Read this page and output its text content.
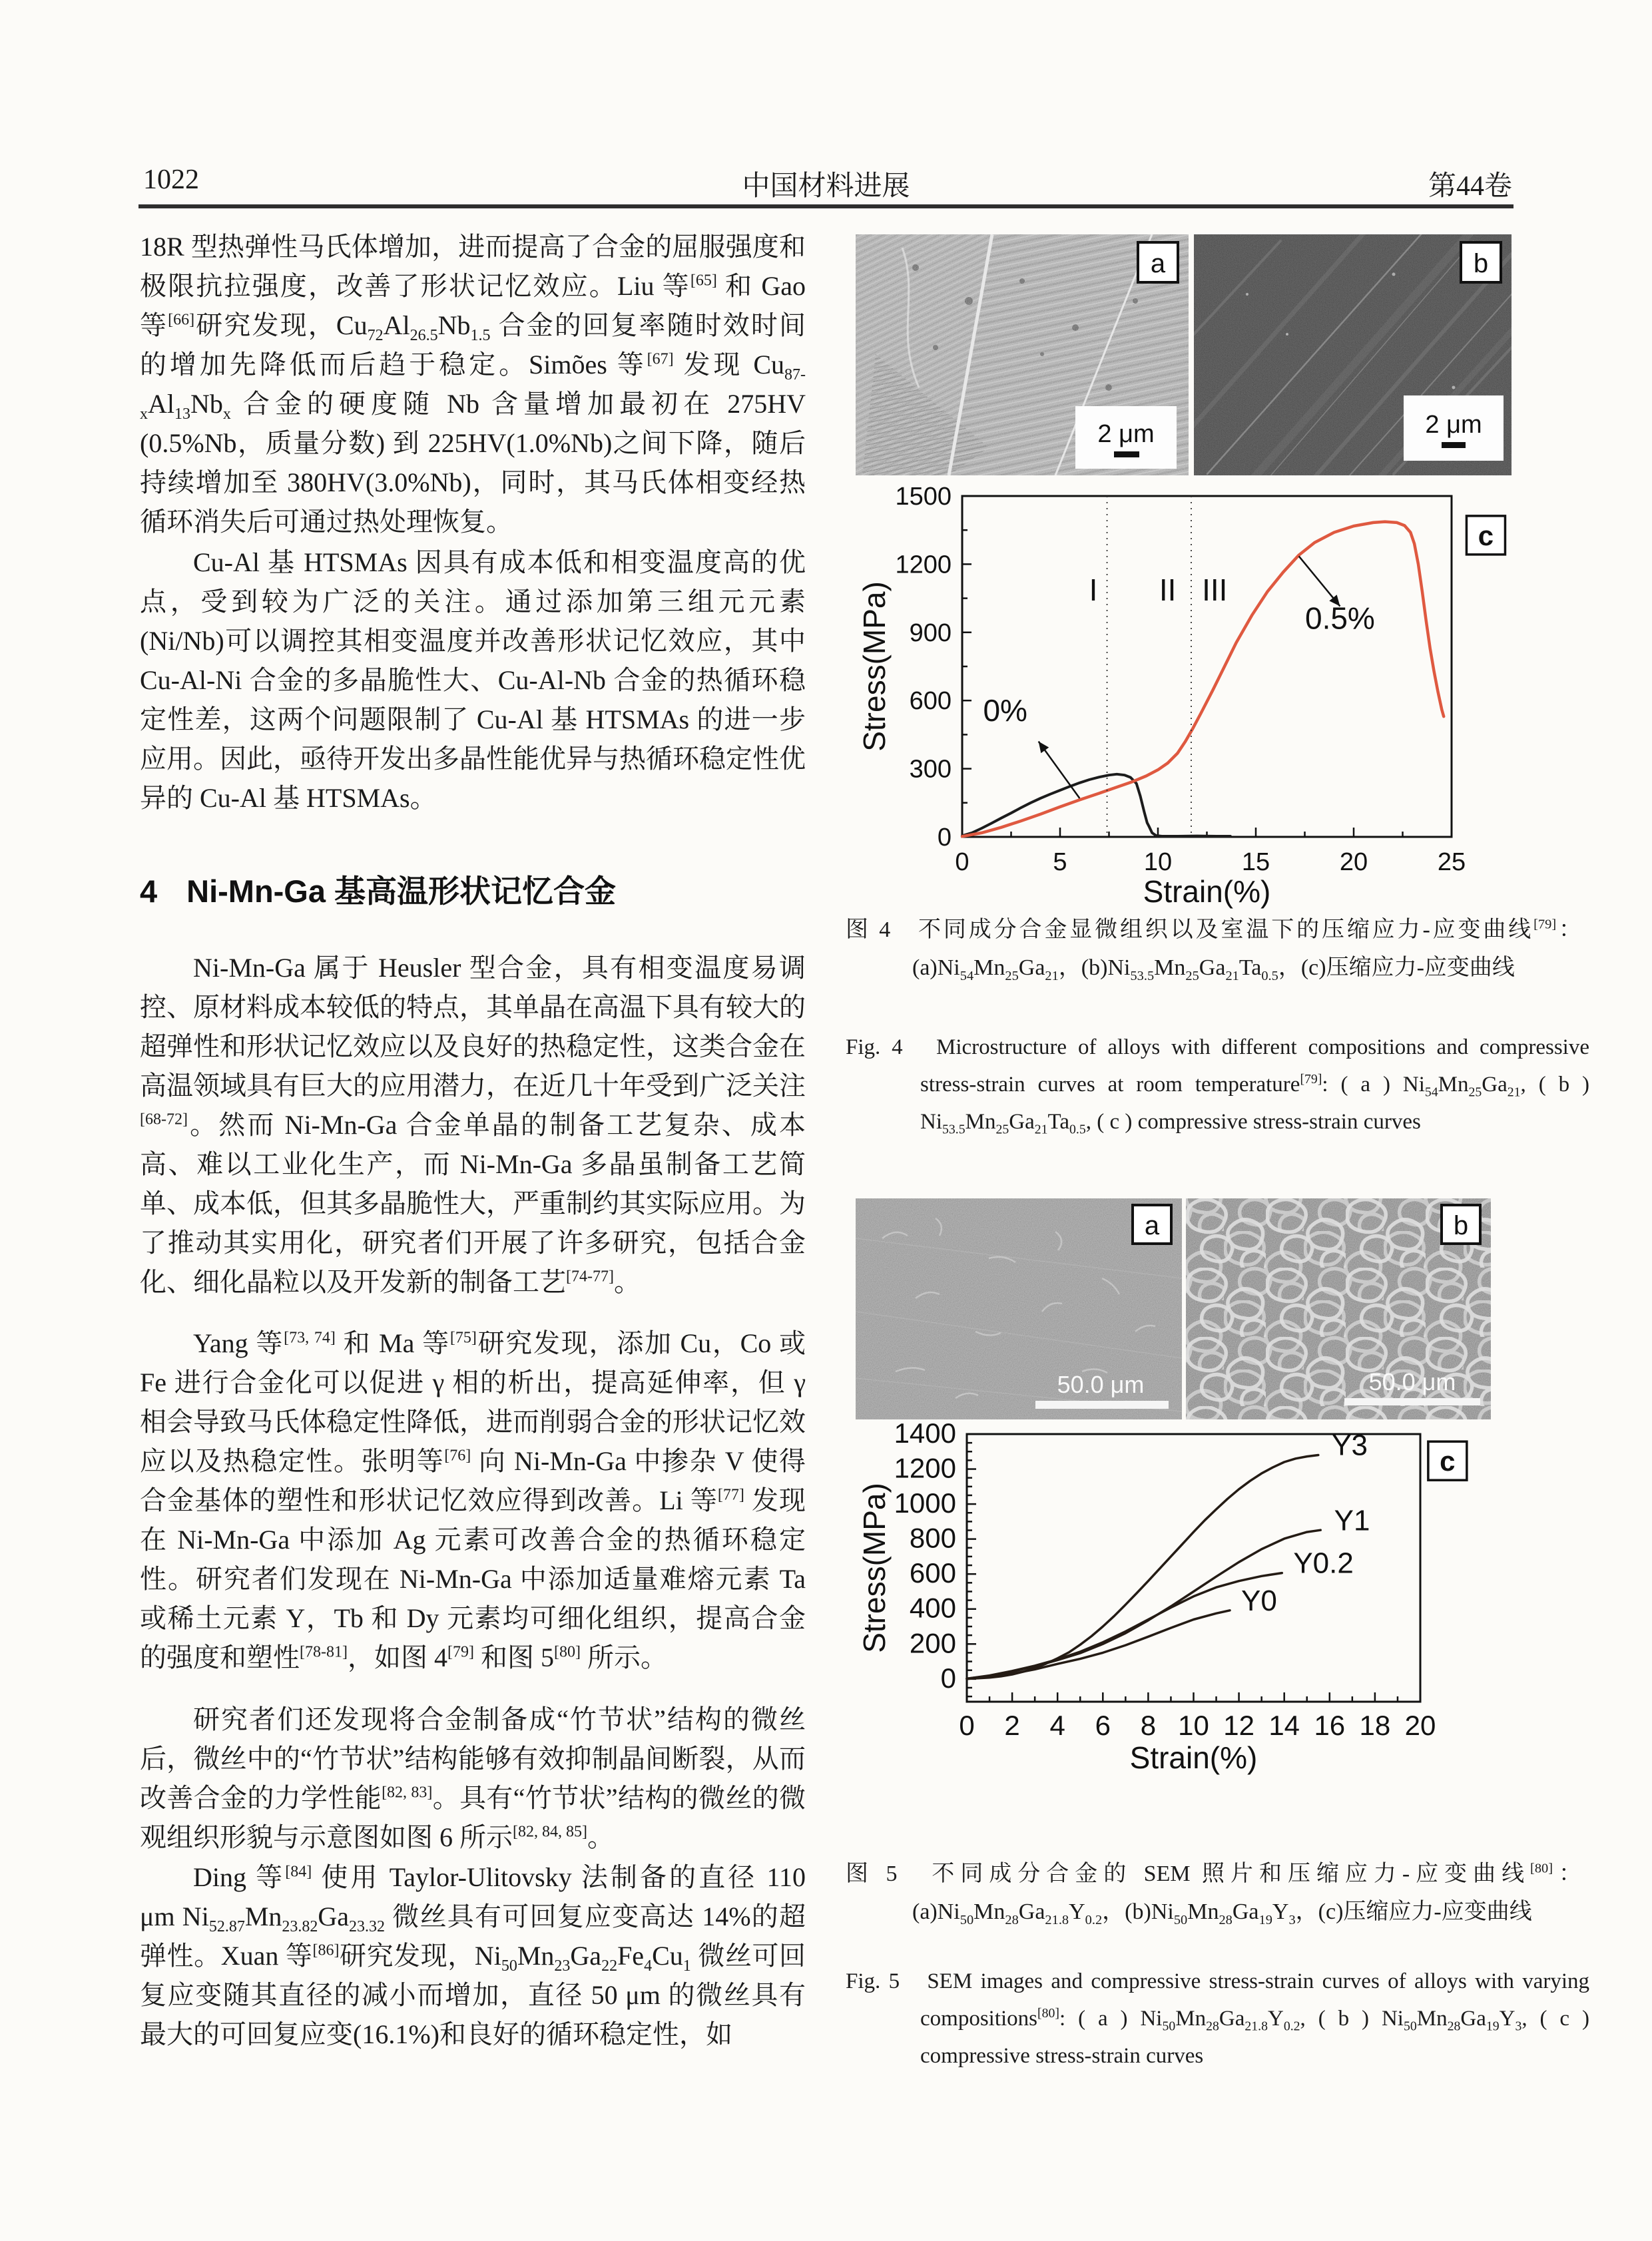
1022	中国材料进展	第44卷

18R 型热弹性马氏体增加，进而提高了合金的屈服强度和极限抗拉强度，改善了形状记忆效应。Liu 等[65] 和 Gao 等[66]研究发现，$Cu_{72}Al_{26.5}Nb_{1.5}$ 合金的回复率随时效时间的增加先降低而后趋于稳定。Simões 等[67] 发现 $Cu_{87-x}Al_{13}Nb_x$ 合金的硬度随 Nb 含量增加最初在 275HV (0.5%Nb，质量分数) 到 225HV(1.0%Nb)之间下降，随后持续增加至 380HV(3.0%Nb)，同时，其马氏体相变经热循环消失后可通过热处理恢复。

Cu-Al 基 HTSMAs 因具有成本低和相变温度高的优点，受到较为广泛的关注。通过添加第三组元元素(Ni/Nb)可以调控其相变温度并改善形状记忆效应，其中 Cu-Al-Ni 合金的多晶脆性大、Cu-Al-Nb 合金的热循环稳定性差，这两个问题限制了 Cu-Al 基 HTSMAs 的进一步应用。因此，亟待开发出多晶性能优异与热循环稳定性优异的 Cu-Al 基 HTSMAs。

4 Ni-Mn-Ga 基高温形状记忆合金

Ni-Mn-Ga 属于 Heusler 型合金，具有相变温度易调控、原材料成本较低的特点，其单晶在高温下具有较大的超弹性和形状记忆效应以及良好的热稳定性，这类合金在高温领域具有巨大的应用潜力，在近几十年受到广泛关注[68-72]。然而 Ni-Mn-Ga 合金单晶的制备工艺复杂、成本高、难以工业化生产，而 Ni-Mn-Ga 多晶虽制备工艺简单、成本低，但其多晶脆性大，严重制约其实际应用。为了推动其实用化，研究者们开展了许多研究，包括合金化、细化晶粒以及开发新的制备工艺[74-77]。

Yang 等[73, 74] 和 Ma 等[75]研究发现，添加 Cu，Co 或 Fe 进行合金化可以促进 γ 相的析出，提高延伸率，但 γ 相会导致马氏体稳定性降低，进而削弱合金的形状记忆效应以及热稳定性。张明等[76] 向 Ni-Mn-Ga 中掺杂 V 使得合金基体的塑性和形状记忆效应得到改善。Li 等[77] 发现在 Ni-Mn-Ga 中添加 Ag 元素可改善合金的热循环稳定性。研究者们发现在 Ni-Mn-Ga 中添加适量难熔元素 Ta 或稀土元素 Y，Tb 和 Dy 元素均可细化组织，提高合金的强度和塑性[78-81]，如图 4[79] 和图 5[80] 所示。

研究者们还发现将合金制备成“竹节状”结构的微丝后，微丝中的“竹节状”结构能够有效抑制晶间断裂，从而改善合金的力学性能[82, 83]。具有“竹节状”结构的微丝的微观组织形貌与示意图如图 6 所示[82, 84, 85]。

Ding 等[84] 使用 Taylor-Ulitovsky 法制备的直径 110 μm $Ni_{52.87}Mn_{23.82}Ga_{23.32}$ 微丝具有可回复应变高达 14%的超弹性。Xuan 等[86]研究发现，$Ni_{50}Mn_{23}Ga_{22}Fe_4Cu_1$ 微丝可回复应变随其直径的减小而增加，直径 50 μm 的微丝具有最大的可回复应变(16.1%)和良好的循环稳定性，如

a
2 μm
b
2 μm
0	5	10	15	20	25
0
300
600
900
1200
1500
Strain(%)
Stress(MPa)	I II III
0%
0.5%
c

图 4　不同成分合金显微组织以及室温下的压缩应力-应变曲线[79]：$(a)Ni_{54}Mn_{25}Ga_{21}$，$(b)Ni_{53.5}Mn_{25}Ga_{21}Ta_{0.5}$，(c)压缩应力-应变曲线

Fig. 4　Microstructure of alloys with different compositions and compressive stress-strain curves at room temperature[79]: ( a ) $Ni_{54}Mn_{25}Ga_{21}$, ( b ) $Ni_{53.5}Mn_{25}Ga_{21}Ta_{0.5}$, ( c ) compressive stress-strain curves

a
50.0 μm
b
50.0 μm
0 2 4 6 8 10 12 14 16 18 20
0
200
400
600
800
1000
1200
1400
Strain(%)
Stress(MPa)
Y3
Y1
Y0.2
Y0
c

图 5　不同成分合金的 SEM 照片和压缩应力-应变曲线[80]：$(a)Ni_{50}Mn_{28}Ga_{21.8}Y_{0.2}$，$(b)Ni_{50}Mn_{28}Ga_{19}Y_3$，(c)压缩应力-应变曲线

Fig. 5　SEM images and compressive stress-strain curves of alloys with varying compositions[80]: ( a ) $Ni_{50}Mn_{28}Ga_{21.8}Y_{0.2}$, ( b ) $Ni_{50}Mn_{28}Ga_{19}Y_3$, ( c ) compressive stress-strain curves
